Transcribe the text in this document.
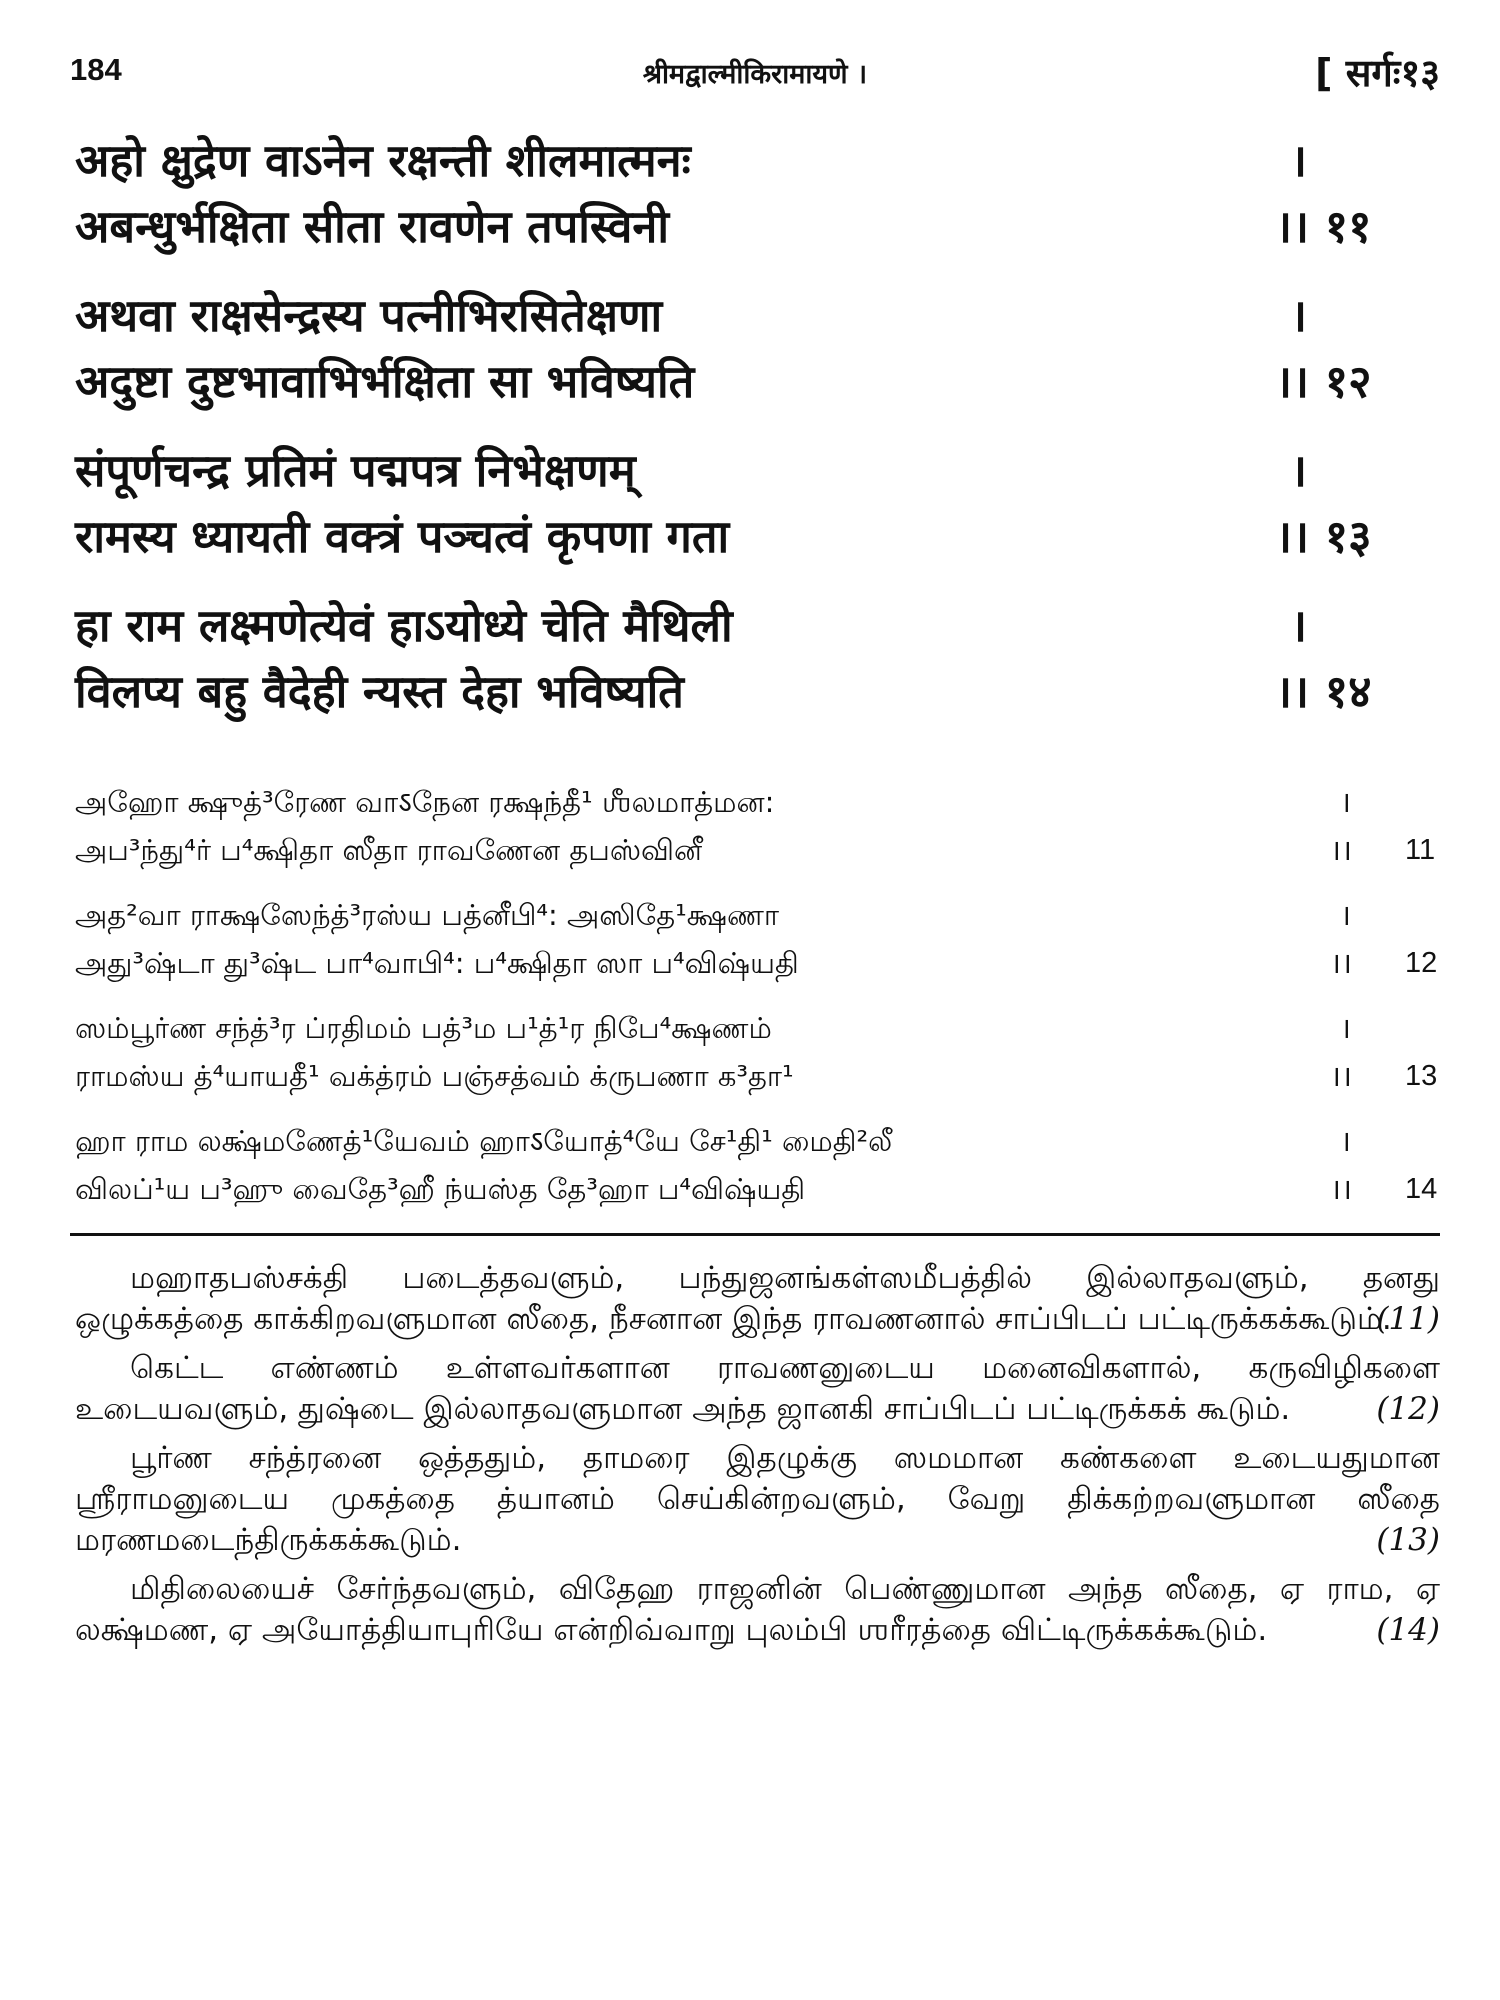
184	श्रीमद्वाल्मीकिरामायणे ।	[ सर्गः१३
अहो क्षुद्रेण वाऽनेन रक्षन्ती शीलमात्मनः	।
अबन्धुर्भक्षिता सीता रावणेन तपस्विनी	।। ११
अथवा राक्षसेन्द्रस्य पत्नीभिरसितेक्षणा	।
अदुष्टा दुष्टभावाभिर्भक्षिता सा भविष्यति	।। १२
संपूर्णचन्द्र प्रतिमं पद्मपत्र निभेक्षणम्	।
रामस्य ध्यायती वक्त्रं पञ्चत्वं कृपणा गता	।। १३
हा राम लक्ष्मणेत्येवं हाऽयोध्ये चेति मैथिली	।
विलप्य बहु वैदेही न्यस्त देहा भविष्यति	।। १४
அஹோ க்ஷுத்³ரேண வாऽநேன ரக்ஷந்தீ¹ ஶீலமாத்மன:	।
அப³ந்து⁴ர் ப⁴க்ஷிதா ஸீதா ராவணேன தபஸ்வினீ	।। 11
அத²வா ராக்ஷஸேந்த்³ரஸ்ய பத்னீபி⁴: அஸிதே¹க்ஷணா	।
அது³ஷ்டா து³ஷ்ட பா⁴வாபி⁴: ப⁴க்ஷிதா ஸா ப⁴விஷ்யதி	।। 12
ஸம்பூர்ண சந்த்³ர ப்ரதிமம் பத்³ம ப¹த்¹ர நிபே⁴க்ஷணம்	।
ராமஸ்ய த்⁴யாயதீ¹ வக்த்ரம் பஞ்சத்வம் க்ருபணா க³தா¹	।। 13
ஹா ராம லக்ஷ்மணேத்¹யேவம் ஹாऽயோத்⁴யே சே¹தி¹ மைதி²லீ	।
விலப்¹ய ப³ஹு வைதே³ஹீ ந்யஸ்த தே³ஹா ப⁴விஷ்யதி	।। 14

மஹாதபஸ்சக்தி படைத்தவளும், பந்துஜனங்கள்ஸமீபத்தில் இல்லாதவளும், தனது ஒழுக்கத்தை காக்கிறவளுமான ஸீதை, நீசனான இந்த ராவணனால் சாப்பிடப் பட்டிருக்கக்கூடும்.
(11)

கெட்ட எண்ணம் உள்ளவர்களான ராவணனுடைய மனைவிகளால், கருவிழிகளை உடையவளும், துஷ்டை இல்லாதவளுமான அந்த ஜானகி சாப்பிடப் பட்டிருக்கக் கூடும்.	(12)

பூர்ண சந்த்ரனை ஒத்ததும், தாமரை இதழுக்கு ஸமமான கண்களை உடையதுமான ஸ்ரீராமனுடைய முகத்தை த்யானம் செய்கின்றவளும், வேறு திக்கற்றவளுமான ஸீதை மரணமடைந்திருக்கக்கூடும்.	(13)

மிதிலையைச் சேர்ந்தவளும், விதேஹ ராஜனின் பெண்ணுமான அந்த ஸீதை, ஏ ராம, ஏ லக்ஷ்மண, ஏ அயோத்தியாபுரியே என்றிவ்வாறு புலம்பி ஶரீரத்தை விட்டிருக்கக்கூடும்.	(14)
